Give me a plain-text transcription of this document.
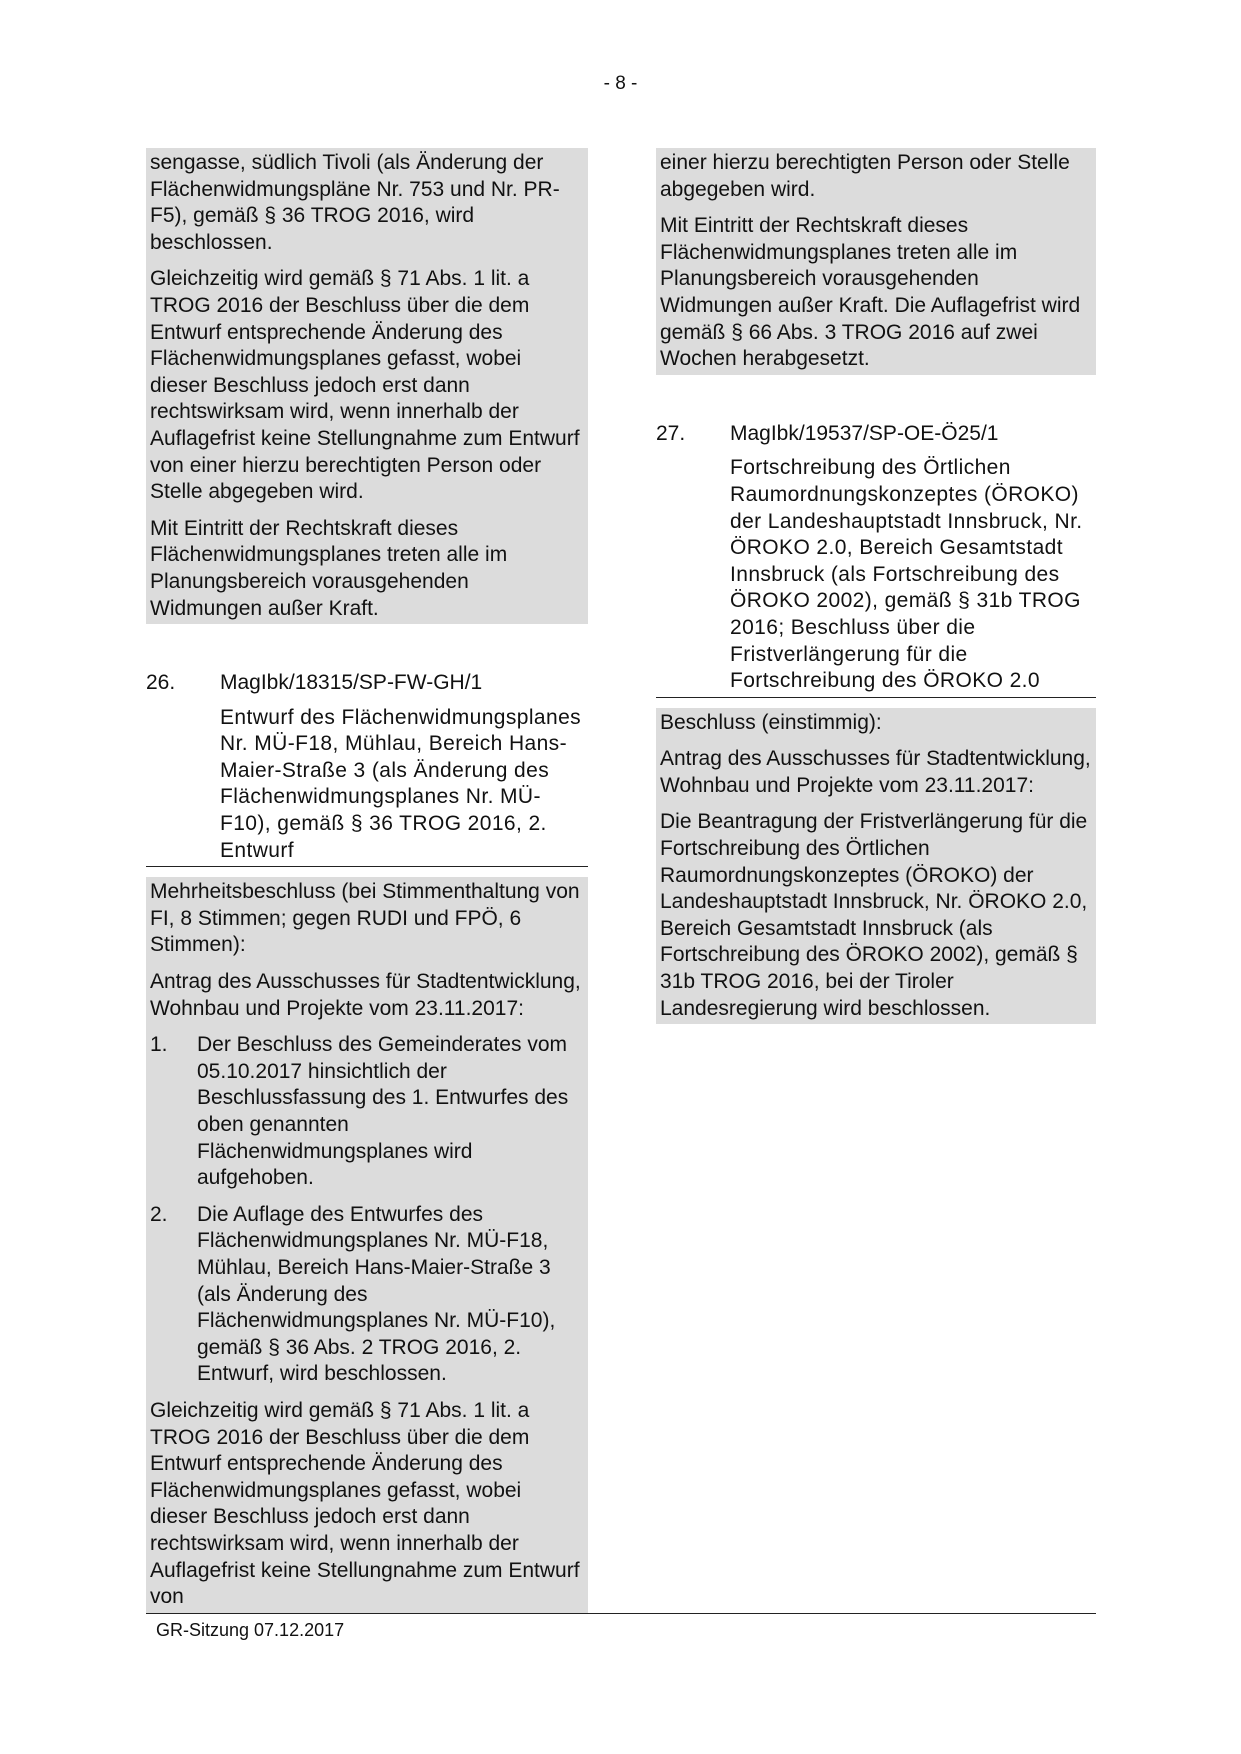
- 8 -

sengasse, südlich Tivoli (als Änderung der Flächenwidmungspläne Nr. 753 und Nr. PR-F5), gemäß § 36 TROG 2016, wird beschlossen.

Gleichzeitig wird gemäß § 71 Abs. 1 lit. a TROG 2016 der Beschluss über die dem Entwurf entsprechende Änderung des Flächenwidmungsplanes gefasst, wobei dieser Beschluss jedoch erst dann rechtswirksam wird, wenn innerhalb der Auflagefrist keine Stellungnahme zum Entwurf von einer hierzu berechtigten Person oder Stelle abgegeben wird.

Mit Eintritt der Rechtskraft dieses Flächenwidmungsplanes treten alle im Planungsbereich vorausgehenden Widmungen außer Kraft.

26.	MagIbk/18315/SP-FW-GH/1
Entwurf des Flächenwidmungsplanes Nr. MÜ-F18, Mühlau, Bereich Hans-Maier-Straße 3 (als Änderung des Flächenwidmungsplanes Nr. MÜ-F10), gemäß § 36 TROG 2016, 2. Entwurf

Mehrheitsbeschluss (bei Stimmenthaltung von FI, 8 Stimmen; gegen RUDI und FPÖ, 6 Stimmen):

Antrag des Ausschusses für Stadtentwicklung, Wohnbau und Projekte vom 23.11.2017:

1.	Der Beschluss des Gemeinderates vom 05.10.2017 hinsichtlich der Beschlussfassung des 1. Entwurfes des oben genannten Flächenwidmungsplanes wird aufgehoben.
2.	Die Auflage des Entwurfes des Flächenwidmungsplanes Nr. MÜ-F18, Mühlau, Bereich Hans-Maier-Straße 3 (als Änderung des Flächenwidmungsplanes Nr. MÜ-F10), gemäß § 36 Abs. 2 TROG 2016, 2. Entwurf, wird beschlossen.

Gleichzeitig wird gemäß § 71 Abs. 1 lit. a TROG 2016 der Beschluss über die dem Entwurf entsprechende Änderung des Flächenwidmungsplanes gefasst, wobei dieser Beschluss jedoch erst dann rechtswirksam wird, wenn innerhalb der Auflagefrist keine Stellungnahme zum Entwurf von

einer hierzu berechtigten Person oder Stelle abgegeben wird.

Mit Eintritt der Rechtskraft dieses Flächenwidmungsplanes treten alle im Planungsbereich vorausgehenden Widmungen außer Kraft. Die Auflagefrist wird gemäß § 66 Abs. 3 TROG 2016 auf zwei Wochen herabgesetzt.

27.	MagIbk/19537/SP-OE-Ö25/1
Fortschreibung des Örtlichen Raumordnungskonzeptes (ÖROKO) der Landeshauptstadt Innsbruck, Nr. ÖROKO 2.0, Bereich Gesamtstadt Innsbruck (als Fortschreibung des ÖROKO 2002), gemäß § 31b TROG 2016; Beschluss über die Fristverlängerung für die Fortschreibung des ÖROKO 2.0

Beschluss (einstimmig):

Antrag des Ausschusses für Stadtentwicklung, Wohnbau und Projekte vom 23.11.2017:

Die Beantragung der Fristverlängerung für die Fortschreibung des Örtlichen Raumordnungskonzeptes (ÖROKO) der Landeshauptstadt Innsbruck, Nr. ÖROKO 2.0, Bereich Gesamtstadt Innsbruck (als Fortschreibung des ÖROKO 2002), gemäß § 31b TROG 2016, bei der Tiroler Landesregierung wird beschlossen.

GR-Sitzung 07.12.2017
